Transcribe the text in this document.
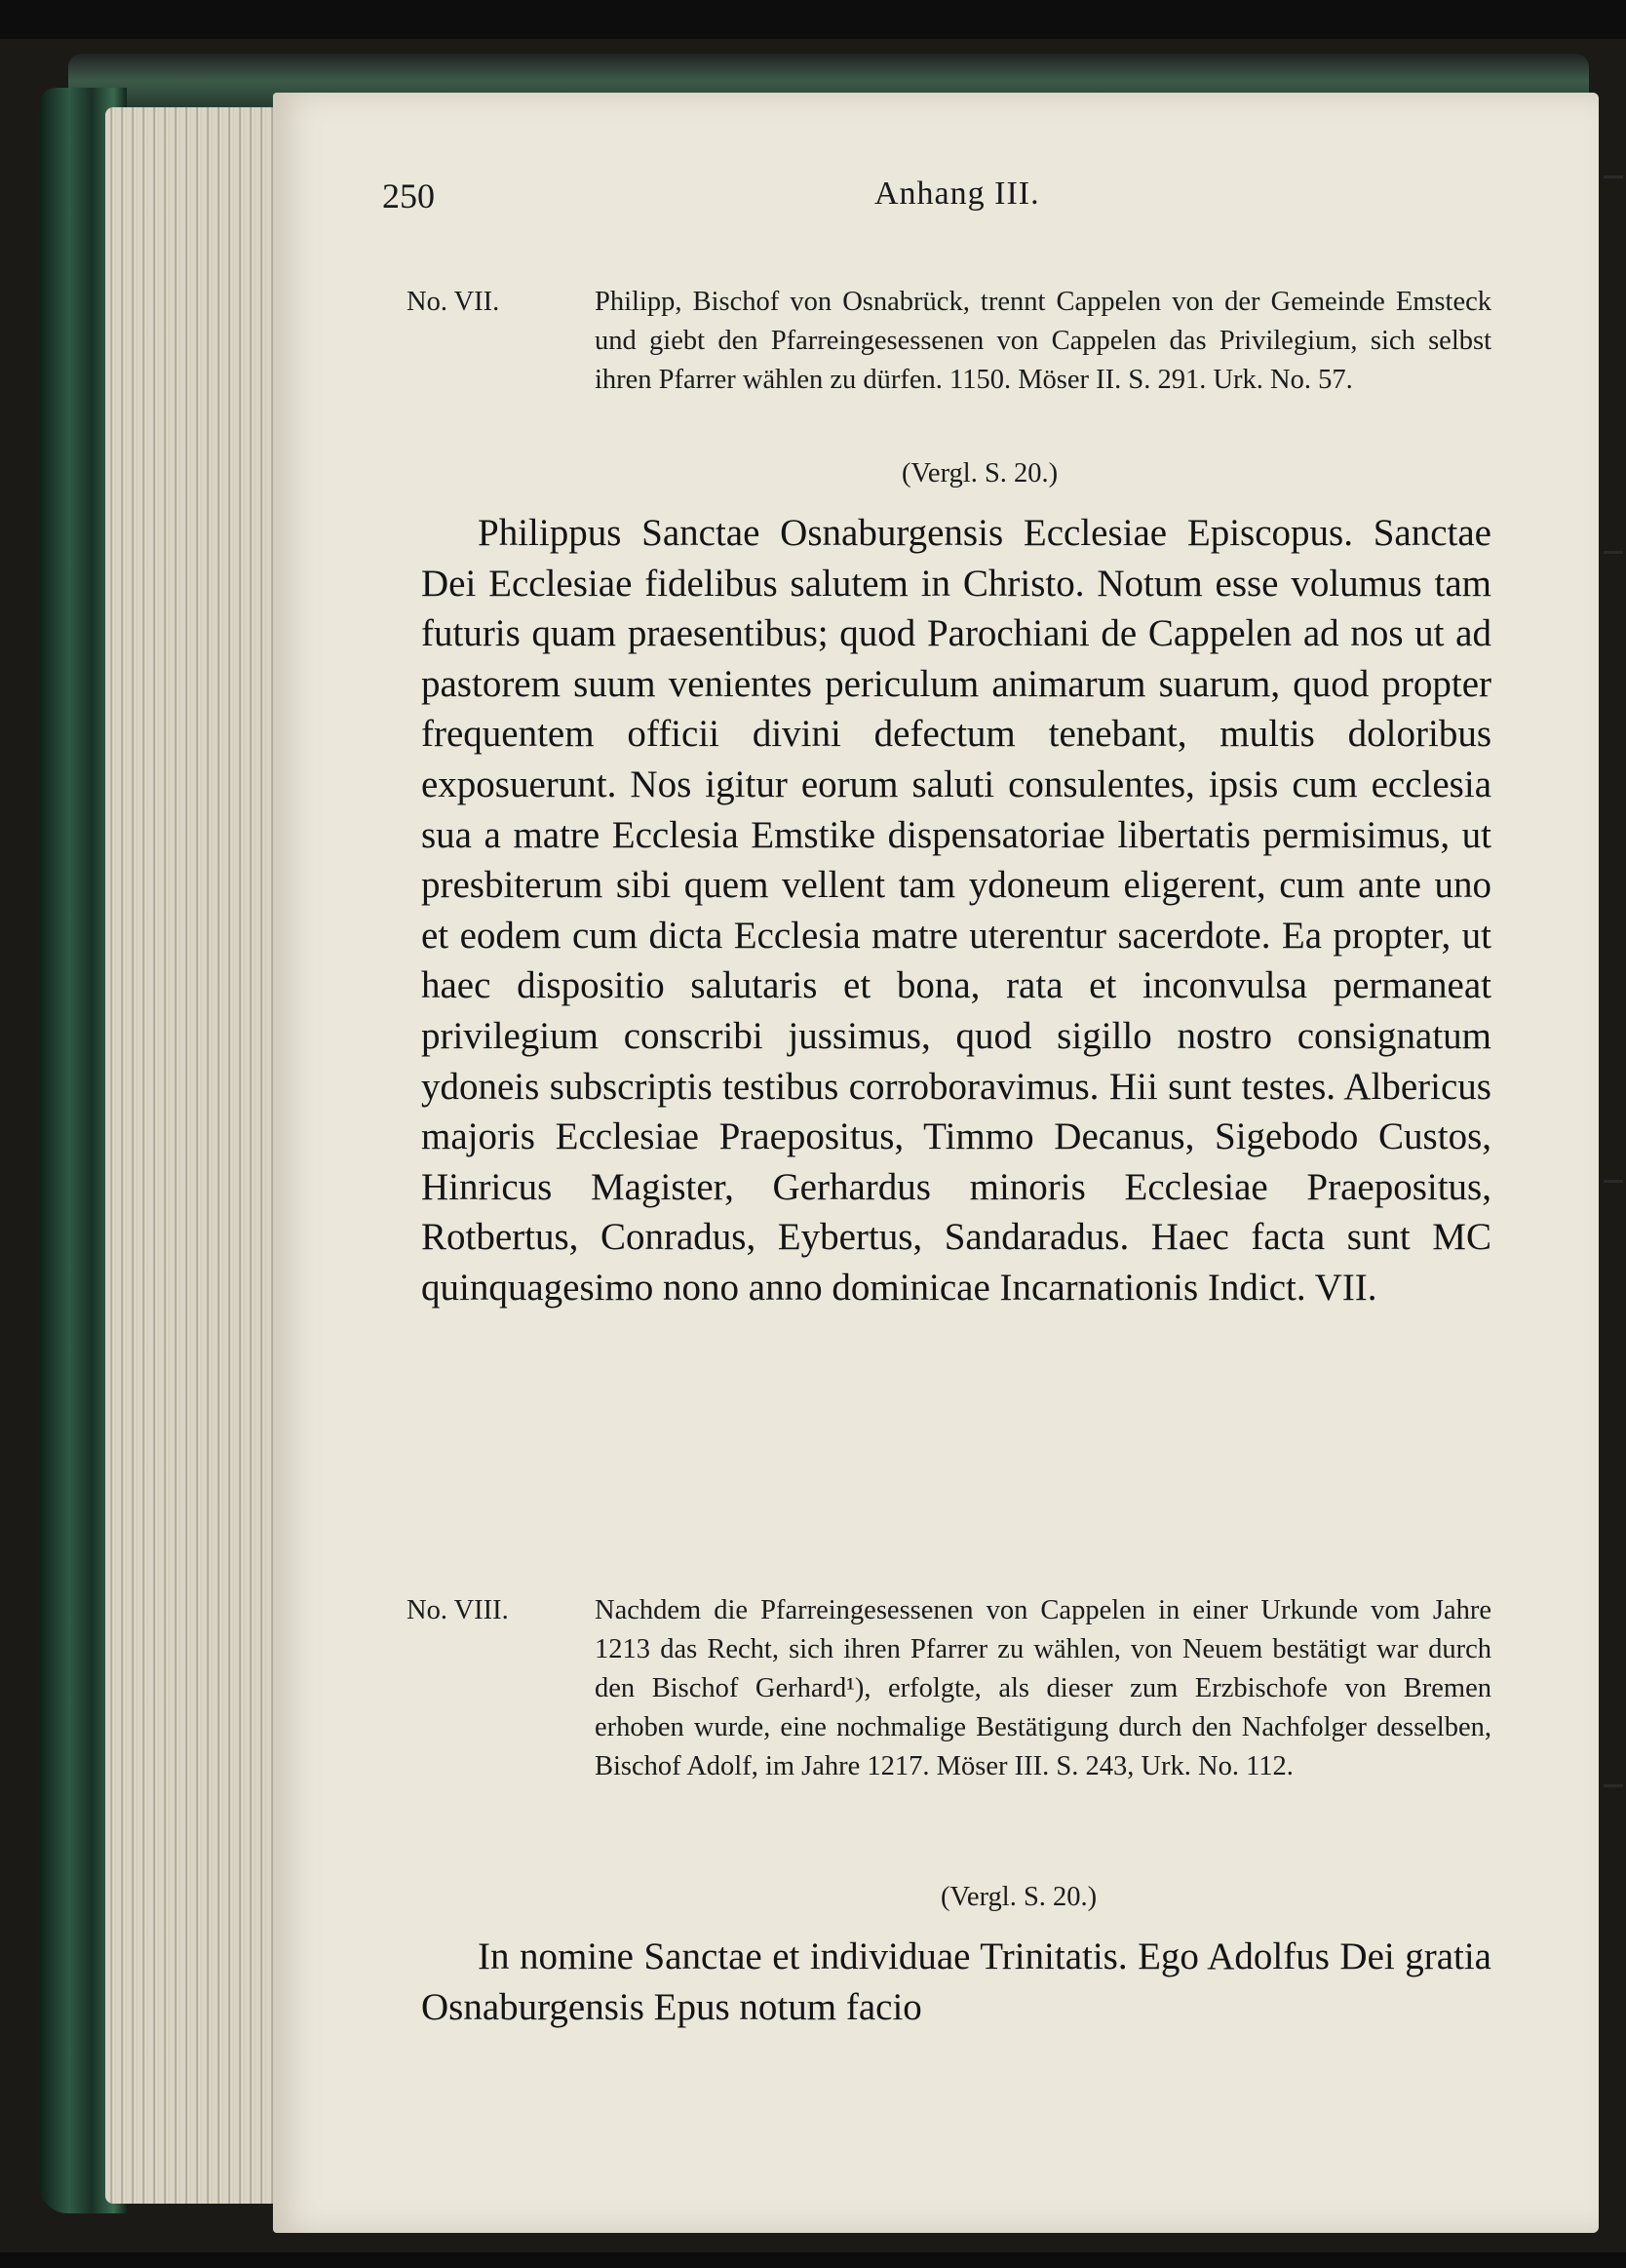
250	Anhang III.
No. VII.	Philipp, Bischof von Osnabrück, trennt Cappelen von der Gemeinde Emsteck und giebt den Pfarreingesessenen von Cappelen das Privilegium, sich selbst ihren Pfarrer wählen zu dürfen. 1150. Möser II. S. 291. Urk. No. 57.
(Vergl. S. 20.)

Philippus Sanctae Osnaburgensis Ecclesiae Episcopus. Sanctae Dei Ecclesiae fidelibus salutem in Christo. Notum esse volumus tam futuris quam praesentibus; quod Parochiani de Cappelen ad nos ut ad pastorem suum venientes periculum animarum suarum, quod propter frequentem officii divini defectum tenebant, multis doloribus exposuerunt. Nos igitur eorum saluti consulentes, ipsis cum ecclesia sua a matre Ecclesia Emstike dispensatoriae libertatis permisimus, ut presbiterum sibi quem vellent tam ydoneum eligerent, cum ante uno et eodem cum dicta Ecclesia matre uterentur sacerdote. Ea propter, ut haec dispositio salutaris et bona, rata et inconvulsa permaneat privilegium conscribi jussimus, quod sigillo nostro consignatum ydoneis subscriptis testibus corroboravimus. Hii sunt testes. Albericus majoris Ecclesiae Praepositus, Timmo Decanus, Sigebodo Custos, Hinricus Magister, Gerhardus minoris Ecclesiae Praepositus, Rotbertus, Conradus, Eybertus, Sandaradus. Haec facta sunt MC quinquagesimo nono anno dominicae Incarnationis Indict. VII.

No. VIII.	Nachdem die Pfarreingesessenen von Cappelen in einer Urkunde vom Jahre 1213 das Recht, sich ihren Pfarrer zu wählen, von Neuem bestätigt war durch den Bischof Gerhard¹), erfolgte, als dieser zum Erzbischofe von Bremen erhoben wurde, eine nochmalige Bestätigung durch den Nachfolger desselben, Bischof Adolf, im Jahre 1217. Möser III. S. 243, Urk. No. 112.
(Vergl. S. 20.)

In nomine Sanctae et individuae Trinitatis. Ego Adolfus Dei gratia Osnaburgensis Epus notum facio
